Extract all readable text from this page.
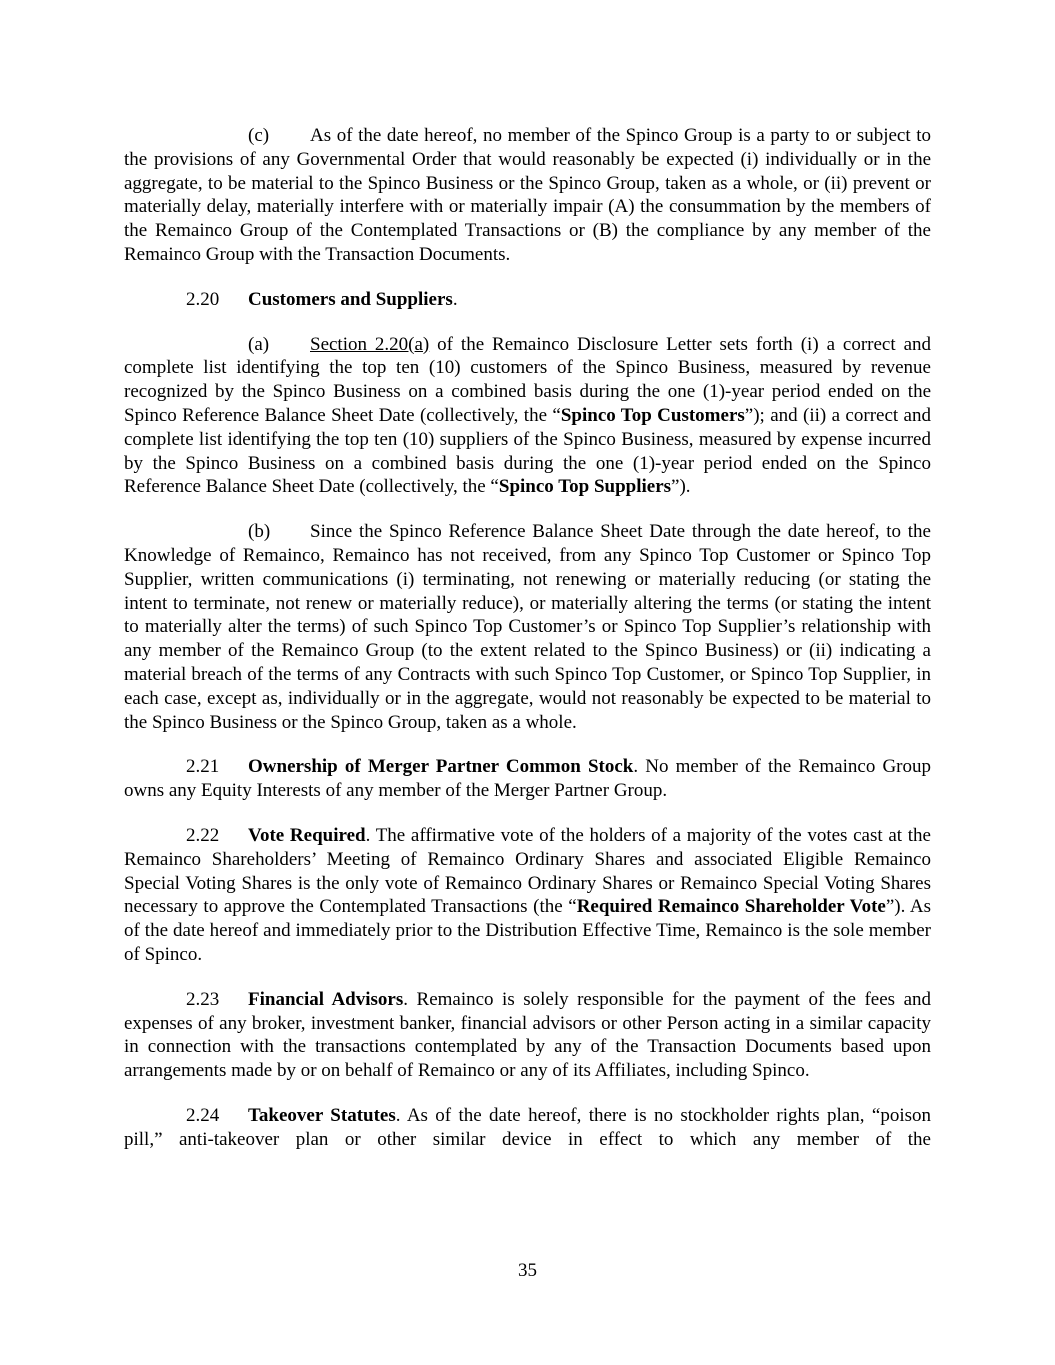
(c) As of the date hereof, no member of the Spinco Group is a party to or subject to the provisions of any Governmental Order that would reasonably be expected (i) individually or in the aggregate, to be material to the Spinco Business or the Spinco Group, taken as a whole, or (ii) prevent or materially delay, materially interfere with or materially impair (A) the consummation by the members of the Remainco Group of the Contemplated Transactions or (B) the compliance by any member of the Remainco Group with the Transaction Documents.

2.20 Customers and Suppliers.

(a) Section 2.20(a) of the Remainco Disclosure Letter sets forth (i) a correct and complete list identifying the top ten (10) customers of the Spinco Business, measured by revenue recognized by the Spinco Business on a combined basis during the one (1)-year period ended on the Spinco Reference Balance Sheet Date (collectively, the “Spinco Top Customers”); and (ii) a correct and complete list identifying the top ten (10) suppliers of the Spinco Business, measured by expense incurred by the Spinco Business on a combined basis during the one (1)-year period ended on the Spinco Reference Balance Sheet Date (collectively, the “Spinco Top Suppliers”).

(b) Since the Spinco Reference Balance Sheet Date through the date hereof, to the Knowledge of Remainco, Remainco has not received, from any Spinco Top Customer or Spinco Top Supplier, written communications (i) terminating, not renewing or materially reducing (or stating the intent to terminate, not renew or materially reduce), or materially altering the terms (or stating the intent to materially alter the terms) of such Spinco Top Customer’s or Spinco Top Supplier’s relationship with any member of the Remainco Group (to the extent related to the Spinco Business) or (ii) indicating a material breach of the terms of any Contracts with such Spinco Top Customer, or Spinco Top Supplier, in each case, except as, individually or in the aggregate, would not reasonably be expected to be material to the Spinco Business or the Spinco Group, taken as a whole.

2.21 Ownership of Merger Partner Common Stock. No member of the Remainco Group owns any Equity Interests of any member of the Merger Partner Group.

2.22 Vote Required. The affirmative vote of the holders of a majority of the votes cast at the Remainco Shareholders’ Meeting of Remainco Ordinary Shares and associated Eligible Remainco Special Voting Shares is the only vote of Remainco Ordinary Shares or Remainco Special Voting Shares necessary to approve the Contemplated Transactions (the “Required Remainco Shareholder Vote”). As of the date hereof and immediately prior to the Distribution Effective Time, Remainco is the sole member of Spinco.

2.23 Financial Advisors. Remainco is solely responsible for the payment of the fees and expenses of any broker, investment banker, financial advisors or other Person acting in a similar capacity in connection with the transactions contemplated by any of the Transaction Documents based upon arrangements made by or on behalf of Remainco or any of its Affiliates, including Spinco.

2.24 Takeover Statutes. As of the date hereof, there is no stockholder rights plan, “poison pill,” anti-takeover plan or other similar device in effect to which any member of the

35
